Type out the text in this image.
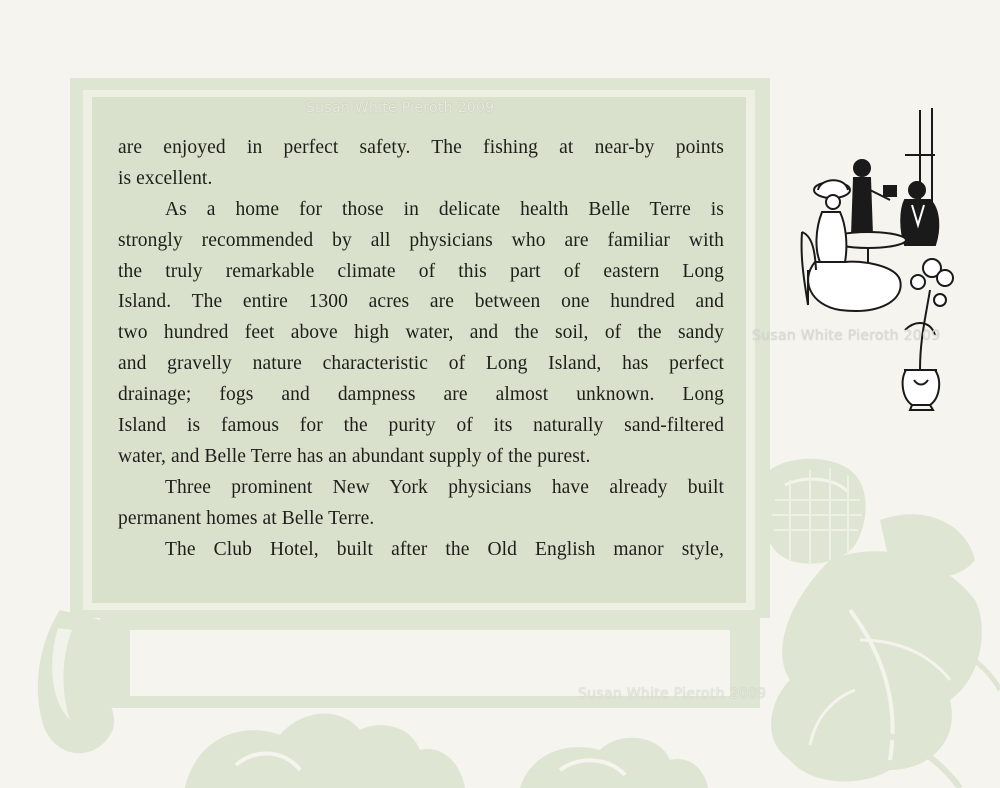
are enjoyed in perfect safety. The fishing at near-by points
is excellent.
As a home for those in delicate health Belle Terre is
strongly recommended by all physicians who are familiar with
the truly remarkable climate of this part of eastern Long
Island. The entire 1300 acres are between one hundred and
two hundred feet above high water, and the soil, of the sandy
and gravelly nature characteristic of Long Island, has perfect
drainage; fogs and dampness are almost unknown. Long
Island is famous for the purity of its naturally sand-filtered
water, and Belle Terre has an abundant supply of the purest.
Three prominent New York physicians have already built
permanent homes at Belle Terre.
The Club Hotel, built after the Old English manor style,
Susan White Pieroth 2009
Susan White Pieroth 2009
Susan White Pieroth 2009
